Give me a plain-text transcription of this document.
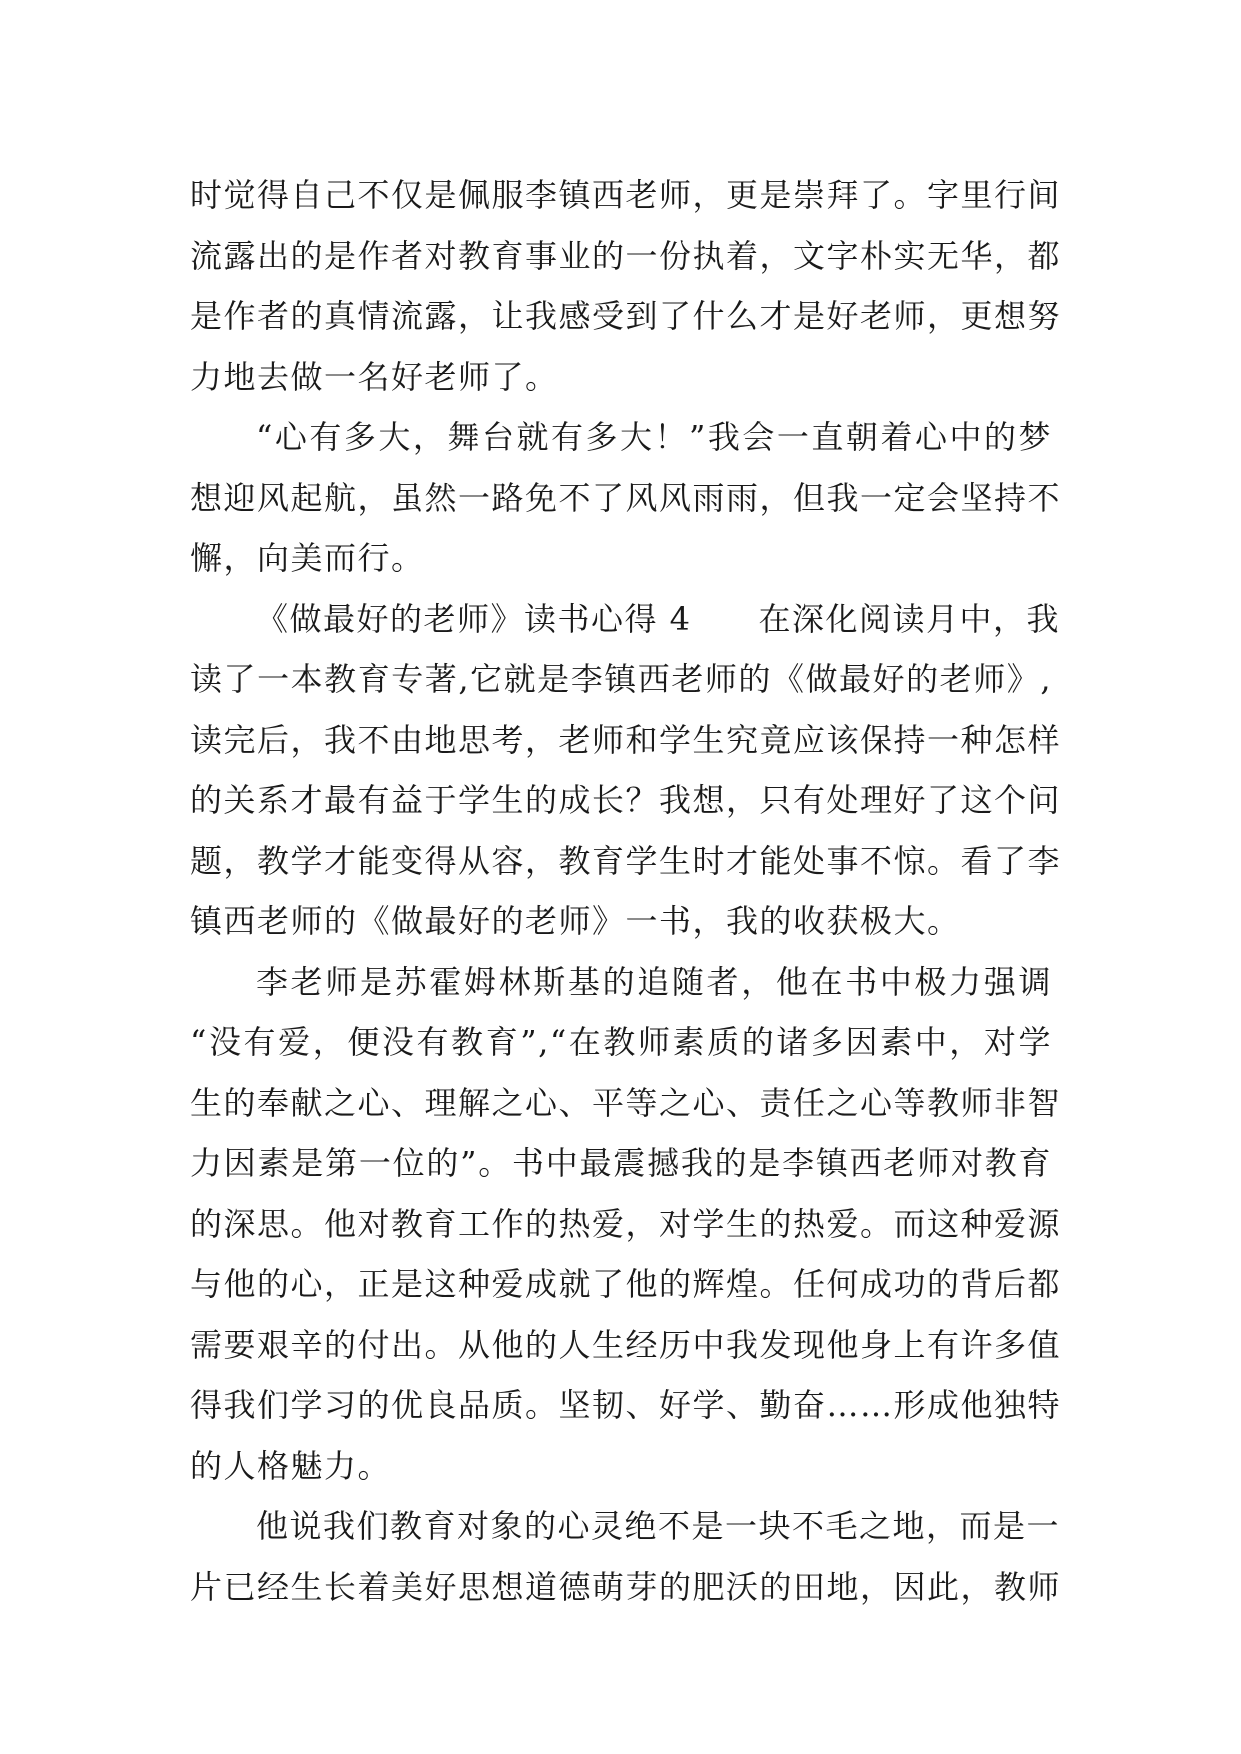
时觉得自己不仅是佩服李镇西老师，更是崇拜了。字里行间
流露出的是作者对教育事业的一份执着，文字朴实无华，都
是作者的真情流露，让我感受到了什么才是好老师，更想努
力地去做一名好老师了。
“心有多大，舞台就有多大！”我会一直朝着心中的梦
想迎风起航，虽然一路免不了风风雨雨，但我一定会坚持不
懈，向美而行。
《做最好的老师》读书心得 4　　在深化阅读月中，我
读了一本教育专著,它就是李镇西老师的《做最好的老师》,
读完后，我不由地思考，老师和学生究竟应该保持一种怎样
的关系才最有益于学生的成长？我想，只有处理好了这个问
题，教学才能变得从容，教育学生时才能处事不惊。看了李
镇西老师的《做最好的老师》一书，我的收获极大。
李老师是苏霍姆林斯基的追随者，他在书中极力强调
“没有爱，便没有教育”,“在教师素质的诸多因素中，对学
生的奉献之心、理解之心、平等之心、责任之心等教师非智
力因素是第一位的”。书中最震撼我的是李镇西老师对教育
的深思。他对教育工作的热爱，对学生的热爱。而这种爱源
与他的心，正是这种爱成就了他的辉煌。任何成功的背后都
需要艰辛的付出。从他的人生经历中我发现他身上有许多值
得我们学习的优良品质。坚韧、好学、勤奋……形成他独特
的人格魅力。
他说我们教育对象的心灵绝不是一块不毛之地，而是一
片已经生长着美好思想道德萌芽的肥沃的田地，因此，教师
